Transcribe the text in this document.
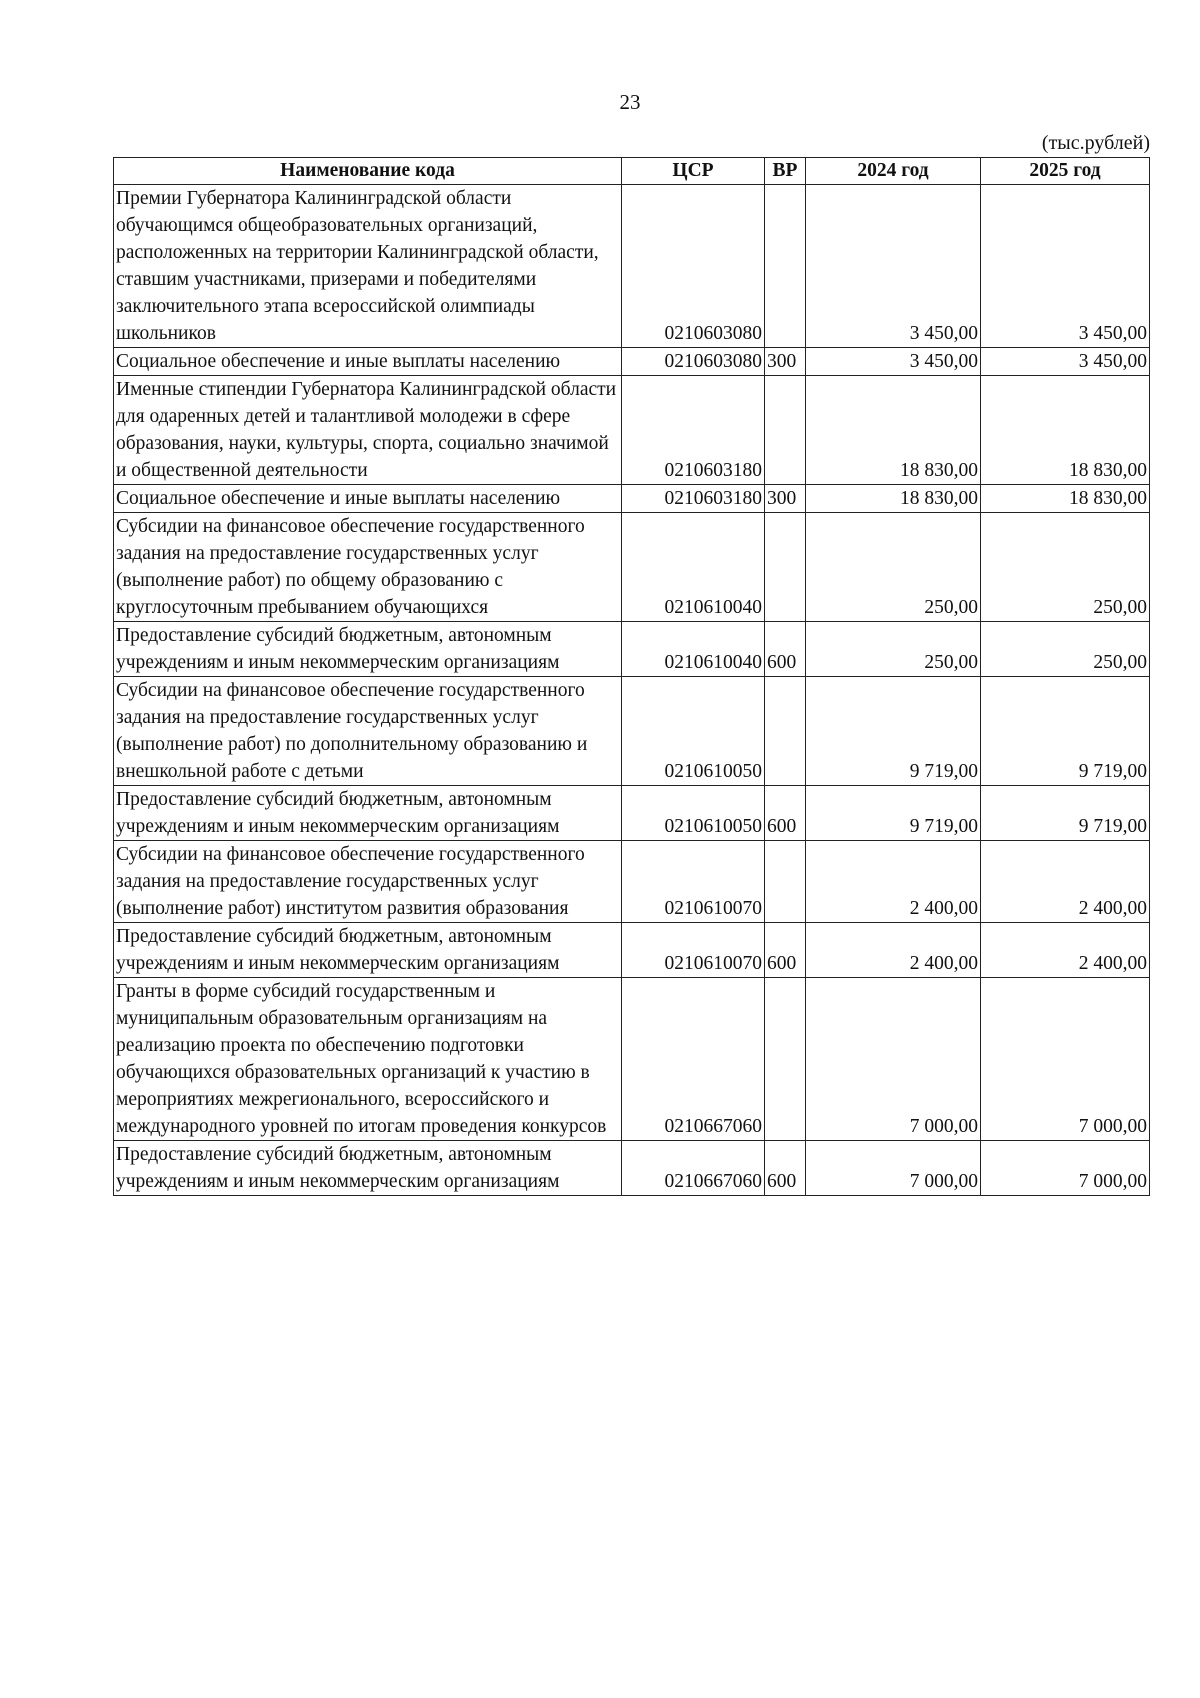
23
(тыс.рублей)
Наименование кода	ЦСР	ВР	2024 год	2025 год
Премии Губернатора Калининградской области обучающимся общеобразовательных организаций, расположенных на территории Калининградской области, ставшим участниками, призерами и победителями заключительного этапа всероссийской олимпиады школьников	0210603080		3 450,00	3 450,00
Социальное обеспечение и иные выплаты населению	0210603080	300	3 450,00	3 450,00
Именные стипендии Губернатора Калининградской области для одаренных детей и талантливой молодежи в сфере образования, науки, культуры, спорта, социально значимой и общественной деятельности	0210603180		18 830,00	18 830,00
Социальное обеспечение и иные выплаты населению	0210603180	300	18 830,00	18 830,00
Субсидии на финансовое обеспечение государственного задания на предоставление государственных услуг (выполнение работ) по общему образованию с круглосуточным пребыванием обучающихся	0210610040		250,00	250,00
Предоставление субсидий бюджетным, автономным учреждениям и иным некоммерческим организациям	0210610040	600	250,00	250,00
Субсидии на финансовое обеспечение государственного задания на предоставление государственных услуг (выполнение работ) по дополнительному образованию и внешкольной работе с детьми	0210610050		9 719,00	9 719,00
Предоставление субсидий бюджетным, автономным учреждениям и иным некоммерческим организациям	0210610050	600	9 719,00	9 719,00
Субсидии на финансовое обеспечение государственного задания на предоставление государственных услуг (выполнение работ) институтом развития образования	0210610070		2 400,00	2 400,00
Предоставление субсидий бюджетным, автономным учреждениям и иным некоммерческим организациям	0210610070	600	2 400,00	2 400,00
Гранты в форме субсидий государственным и муниципальным образовательным организациям на реализацию проекта по обеспечению подготовки обучающихся образовательных организаций к участию в мероприятиях межрегионального, всероссийского и международного уровней по итогам проведения конкурсов	0210667060		7 000,00	7 000,00
Предоставление субсидий бюджетным, автономным учреждениям и иным некоммерческим организациям	0210667060	600	7 000,00	7 000,00
